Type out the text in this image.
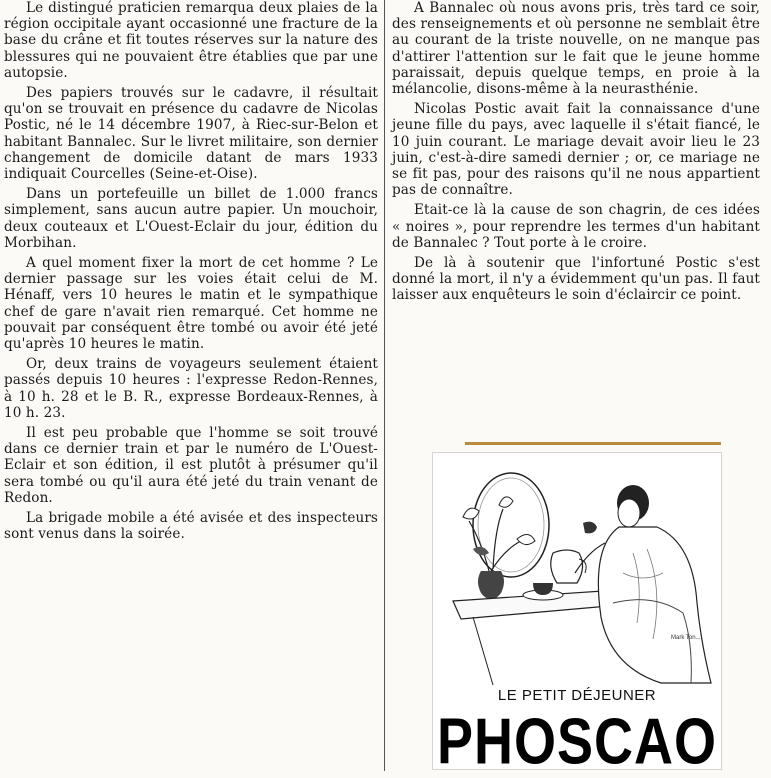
Le distingué praticien remarqua deux plaies de la région occipitale ayant occasionné une fracture de la base du crâne et fit toutes réserves sur la nature des blessures qui ne pouvaient être établies que par une autopsie.

Des papiers trouvés sur le cadavre, il résultait qu'on se trouvait en présence du cadavre de Nicolas Postic, né le 14 décembre 1907, à Riec-sur-Belon et habitant Bannalec. Sur le livret militaire, son dernier changement de domicile datant de mars 1933 indiquait Courcelles (Seine-et-Oise).

Dans un portefeuille un billet de 1.000 francs simplement, sans aucun autre papier. Un mouchoir, deux couteaux et L'Ouest-Eclair du jour, édition du Morbihan.

A quel moment fixer la mort de cet homme ? Le dernier passage sur les voies était celui de M. Hénaff, vers 10 heures le matin et le sympathique chef de gare n'avait rien remarqué. Cet homme ne pouvait par conséquent être tombé ou avoir été jeté qu'après 10 heures le matin.

Or, deux trains de voyageurs seulement étaient passés depuis 10 heures : l'expresse Redon-Rennes, à 10 h. 28 et le B. R., expresse Bordeaux-Rennes, à 10 h. 23.

Il est peu probable que l'homme se soit trouvé dans ce dernier train et par le numéro de L'Ouest-Eclair et son édition, il est plutôt à présumer qu'il sera tombé ou qu'il aura été jeté du train venant de Redon.

La brigade mobile a été avisée et des inspecteurs sont venus dans la soirée.

A Bannalec où nous avons pris, très tard ce soir, des renseignements et où personne ne semblait être au courant de la triste nouvelle, on ne manque pas d'attirer l'attention sur le fait que le jeune homme paraissait, depuis quelque temps, en proie à la mélancolie, disons-même à la neurasthénie.

Nicolas Postic avait fait la connaissance d'une jeune fille du pays, avec laquelle il s'était fiancé, le 10 juin courant. Le mariage devait avoir lieu le 23 juin, c'est-à-dire samedi dernier ; or, ce mariage ne se fit pas, pour des raisons qu'il ne nous appartient pas de connaître.

Etait-ce là la cause de son chagrin, de ces idées « noires », pour reprendre les termes d'un habitant de Bannalec ? Tout porte à le croire.

De là à soutenir que l'infortuné Postic s'est donné la mort, il n'y a évidemment qu'un pas. Il faut laisser aux enquêteurs le soin d'éclaircir ce point.

Mark Ton...
LE PETIT DÉJEUNER
PHOSCAO
